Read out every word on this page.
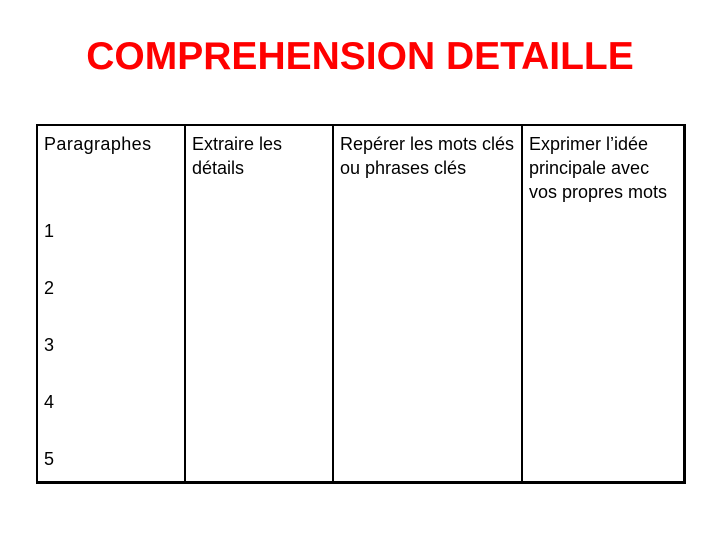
COMPREHENSION DETAILLE
Paragraphes
1
2
3
4
5
Extraire les détails
Repérer les mots clés ou phrases clés
Exprimer l’idée principale avec vos propres mots
